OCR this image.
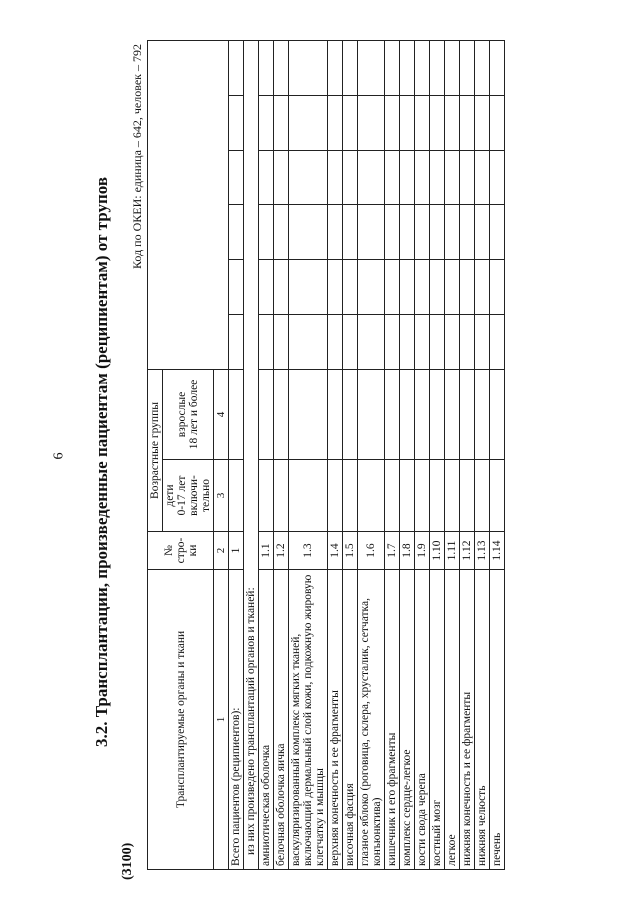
6
(3100)
3.2. Трансплантации, произведенные пациентам (реципиентам) от трупов
Код по ОКЕИ: единица – 642, человек – 792
Трансплантируемые органы и ткани	№
стро-
ки	Возрастные группы							
		дети
0-17 лет
включи-
тельно	взрослые
18 лет и более						
1	2	3	4						
Всего пациентов (реципиентов):	1								
из них произведено трансплантаций органов и тканей:									
амниотическая оболочка	1.1								
белочная оболочка яичка	1.2								
васкуляризированный комплекс мягких тканей, включающий дермальный слой кожи, подкожную жировую клетчатку и мышцы	1.3								
верхняя конечность и ее фрагменты	1.4								
височная фасция	1.5								
глазное яблоко (роговица, склера, хрусталик, сетчатка, конъюнктива)	1.6								
кишечник и его фрагменты	1.7								
комплекс сердце-легкое	1.8								
кости свода черепа	1.9								
костный мозг	1.10								
легкое	1.11								
нижняя конечность и ее фрагменты	1.12								
нижняя челюсть	1.13								
печень	1.14								
